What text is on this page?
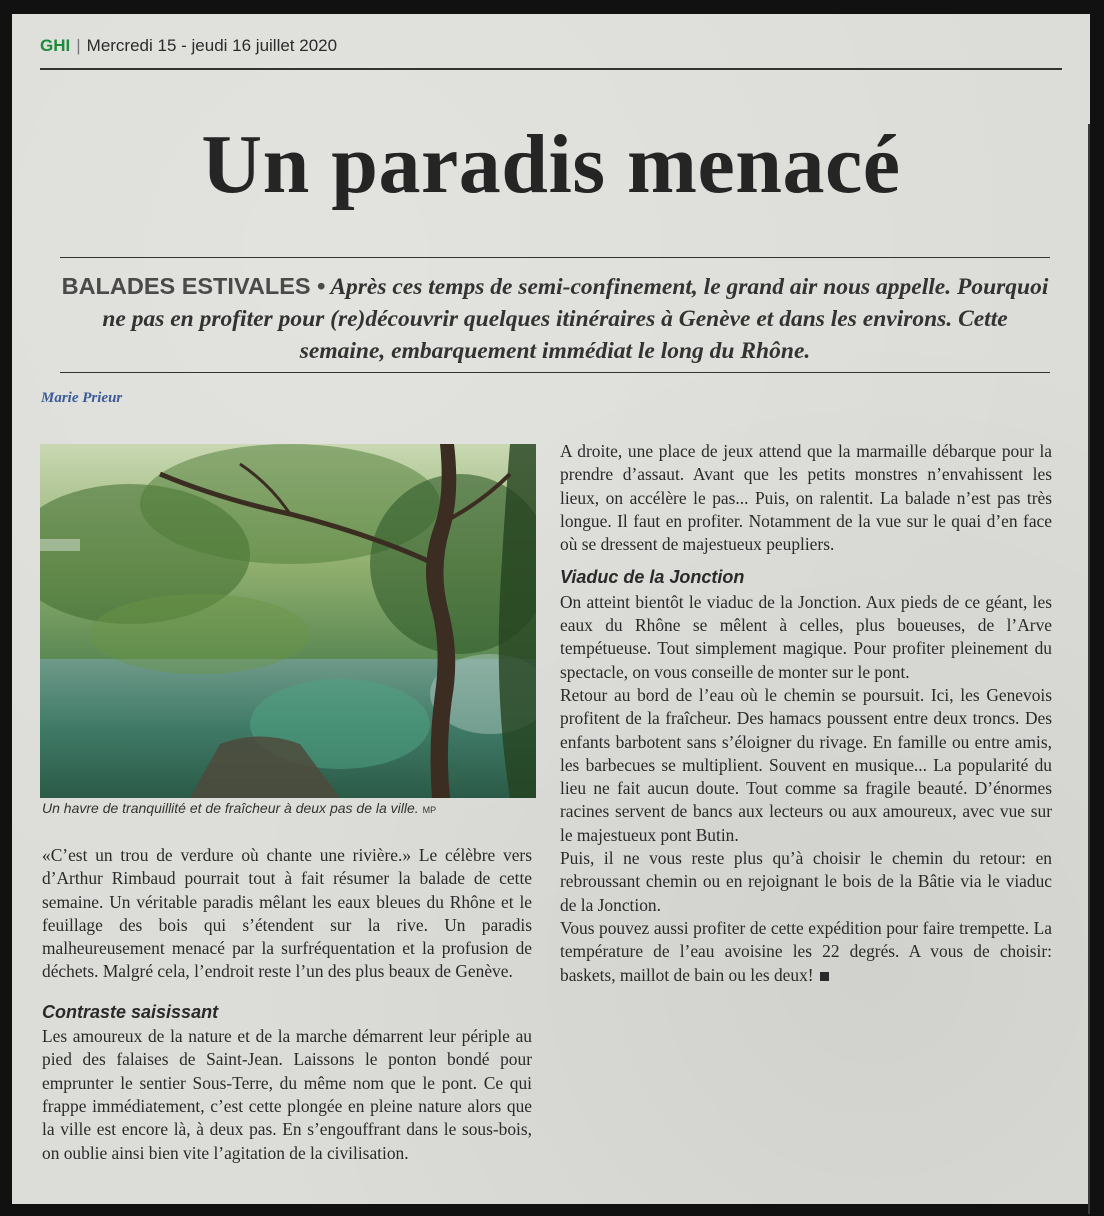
GHI | Mercredi 15 - jeudi 16 juillet 2020
Un paradis menacé
BALADES ESTIVALES • Après ces temps de semi-confinement, le grand air nous appelle. Pourquoi ne pas en profiter pour (re)découvrir quelques itinéraires à Genève et dans les environs. Cette semaine, embarquement immédiat le long du Rhône.
Marie Prieur
Un havre de tranquillité et de fraîcheur à deux pas de la ville. MP

«C’est un trou de verdure où chante une rivière.» Le célèbre vers d’Arthur Rimbaud pourrait tout à fait résumer la balade de cette semaine. Un véritable paradis mêlant les eaux bleues du Rhône et le feuillage des bois qui s’étendent sur la rive. Un paradis malheureusement menacé par la surfréquentation et la profusion de déchets. Malgré cela, l’endroit reste l’un des plus beaux de Genève.

Contraste saisissant

Les amoureux de la nature et de la marche démarrent leur périple au pied des falaises de Saint-Jean. Laissons le ponton bondé pour emprunter le sentier Sous-Terre, du même nom que le pont. Ce qui frappe immédiatement, c’est cette plongée en pleine nature alors que la ville est encore là, à deux pas. En s’engouffrant dans le sous-bois, on oublie ainsi bien vite l’agitation de la civilisation.

A droite, une place de jeux attend que la marmaille débarque pour la prendre d’assaut. Avant que les petits monstres n’envahissent les lieux, on accélère le pas... Puis, on ralentit. La balade n’est pas très longue. Il faut en profiter. Notamment de la vue sur le quai d’en face où se dressent de majestueux peupliers.

Viaduc de la Jonction

On atteint bientôt le viaduc de la Jonction. Aux pieds de ce géant, les eaux du Rhône se mêlent à celles, plus boueuses, de l’Arve tempétueuse. Tout simplement magique. Pour profiter pleinement du spectacle, on vous conseille de monter sur le pont.

Retour au bord de l’eau où le chemin se poursuit. Ici, les Genevois profitent de la fraîcheur. Des hamacs poussent entre deux troncs. Des enfants barbotent sans s’éloigner du rivage. En famille ou entre amis, les barbecues se multiplient. Souvent en musique... La popularité du lieu ne fait aucun doute. Tout comme sa fragile beauté. D’énormes racines servent de bancs aux lecteurs ou aux amoureux, avec vue sur le majestueux pont Butin.

Puis, il ne vous reste plus qu’à choisir le chemin du retour: en rebroussant chemin ou en rejoignant le bois de la Bâtie via le viaduc de la Jonction.

Vous pouvez aussi profiter de cette expédition pour faire trempette. La température de l’eau avoisine les 22 degrés. A vous de choisir: baskets, maillot de bain ou les deux!
